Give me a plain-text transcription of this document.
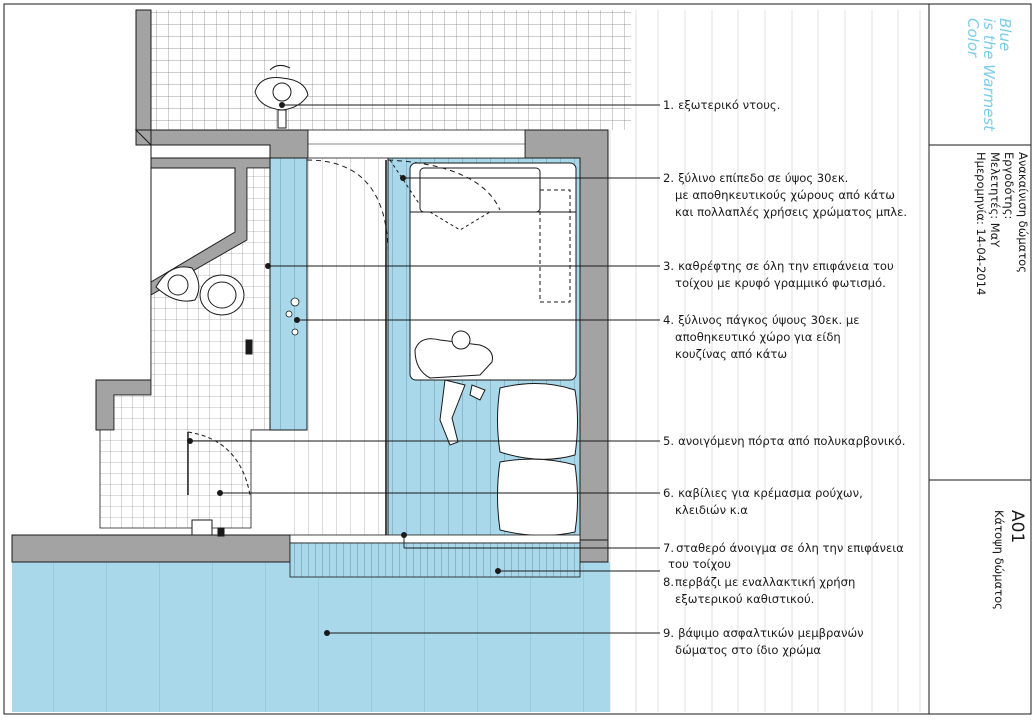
1. εξωτερικό ντους.
2. ξύλινο επίπεδο σε ύψος 30εκ.
με αποθηκευτικούς χώρους από κάτω
και πολλαπλές χρήσεις χρώματος μπλε.
3. καθρέφτης σε όλη την επιφάνεια του
τοίχου με κρυφό γραμμικό φωτισμό.
4. ξύλινος πάγκος ύψους 30εκ. με
αποθηκευτικό χώρο για είδη
κουζίνας από κάτω
5. ανοιγόμενη πόρτα από πολυκαρβονικό.
6. καβίλιες για κρέμασμα ρούχων,
κλειδιών κ.α
7. σταθερό άνοιγμα σε όλη την επιφάνεια
του τοίχου
8. περβάζι με εναλλακτική χρήση
εξωτερικού καθιστικού.
9. βάψιμο ασφαλτικών μεμβρανών
δώματος στο ίδιο χρώμα
Blue
is the Warmest
Color
Ανακαίνιση δώματος
Εργοδότης:
Μελετητές: ΜαΥ
Ημερομηνία: 14-04-2014
A01
Κάτοψη δώματος
